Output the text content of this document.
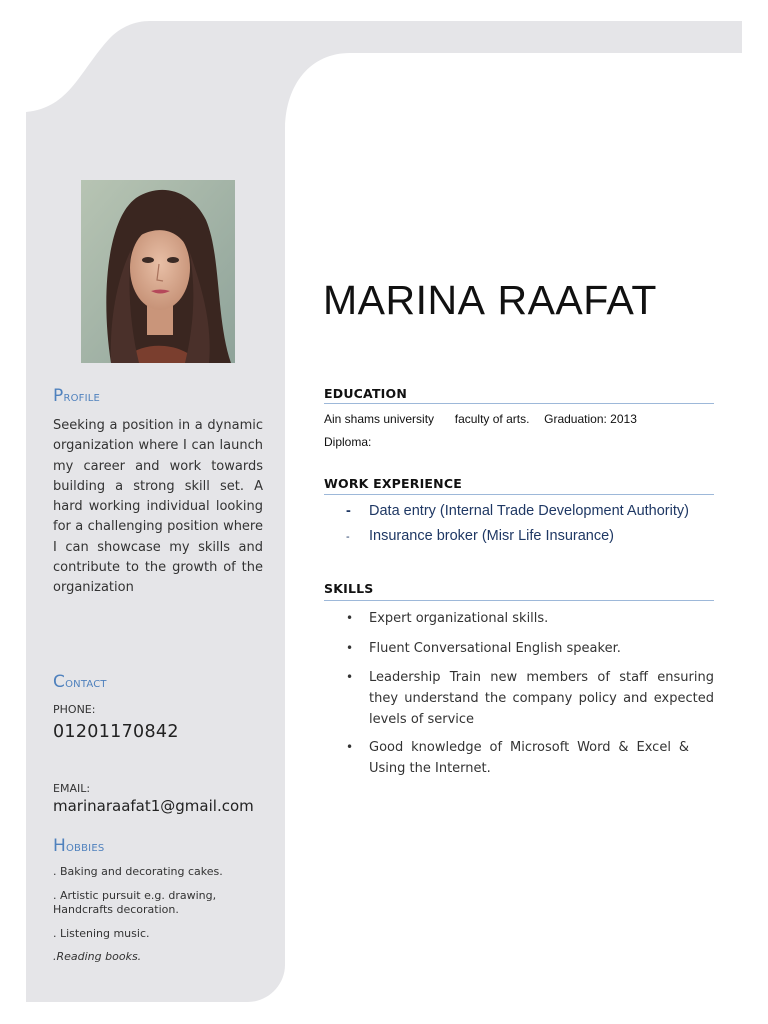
Profile
Seeking a position in a dynamic organization where I can launch my career and work towards building a strong skill set. A hard working individual looking for a challenging position where I can showcase my skills and contribute to the growth of the organization
Contact
PHONE:
01201170842
EMAIL:
marinaraafat1@gmail.com
Hobbies
. Baking and decorating cakes.
. Artistic pursuit e.g. drawing, Handcrafts decoration.
. Listening music.
.Reading books.
MARINA RAAFAT
EDUCATION
Ain shams university faculty of arts. Graduation: 2013
Diploma:
WORK EXPERIENCE
- Data entry (Internal Trade Development Authority)
- Insurance broker (Misr Life Insurance)
SKILLS
• Expert organizational skills.
• Fluent Conversational English speaker.
• Leadership Train new members of staff ensuring they understand the company policy and expected levels of service
• Good knowledge of Microsoft Word & Excel & Using the Internet.
